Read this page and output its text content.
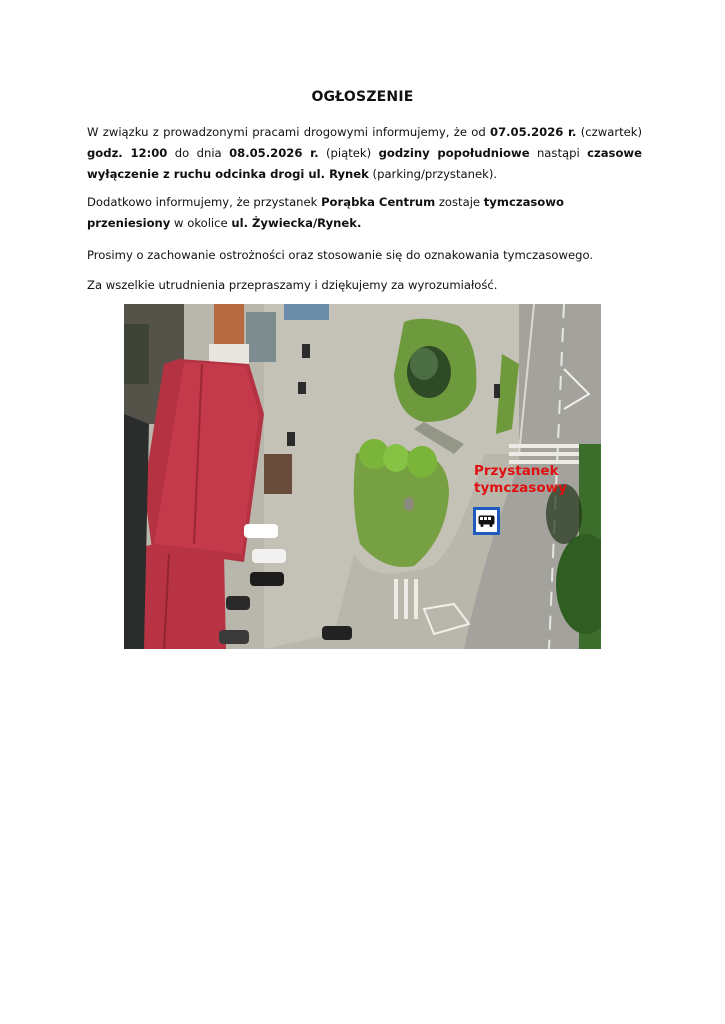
OGŁOSZENIE
W związku z prowadzonymi pracami drogowymi informujemy, że od 07.05.2026 r. (czwartek) godz. 12:00 do dnia 08.05.2026 r. (piątek) godziny popołudniowe nastąpi czasowe wyłączenie z ruchu odcinka drogi ul. Rynek (parking/przystanek).
Dodatkowo informujemy, że przystanek Porąbka Centrum zostaje tymczasowo przeniesiony w okolice ul. Żywiecka/Rynek.
Prosimy o zachowanie ostrożności oraz stosowanie się do oznakowania tymczasowego.
Za wszelkie utrudnienia przepraszamy i dziękujemy za wyrozumiałość.
Przystanek
tymczasowy
